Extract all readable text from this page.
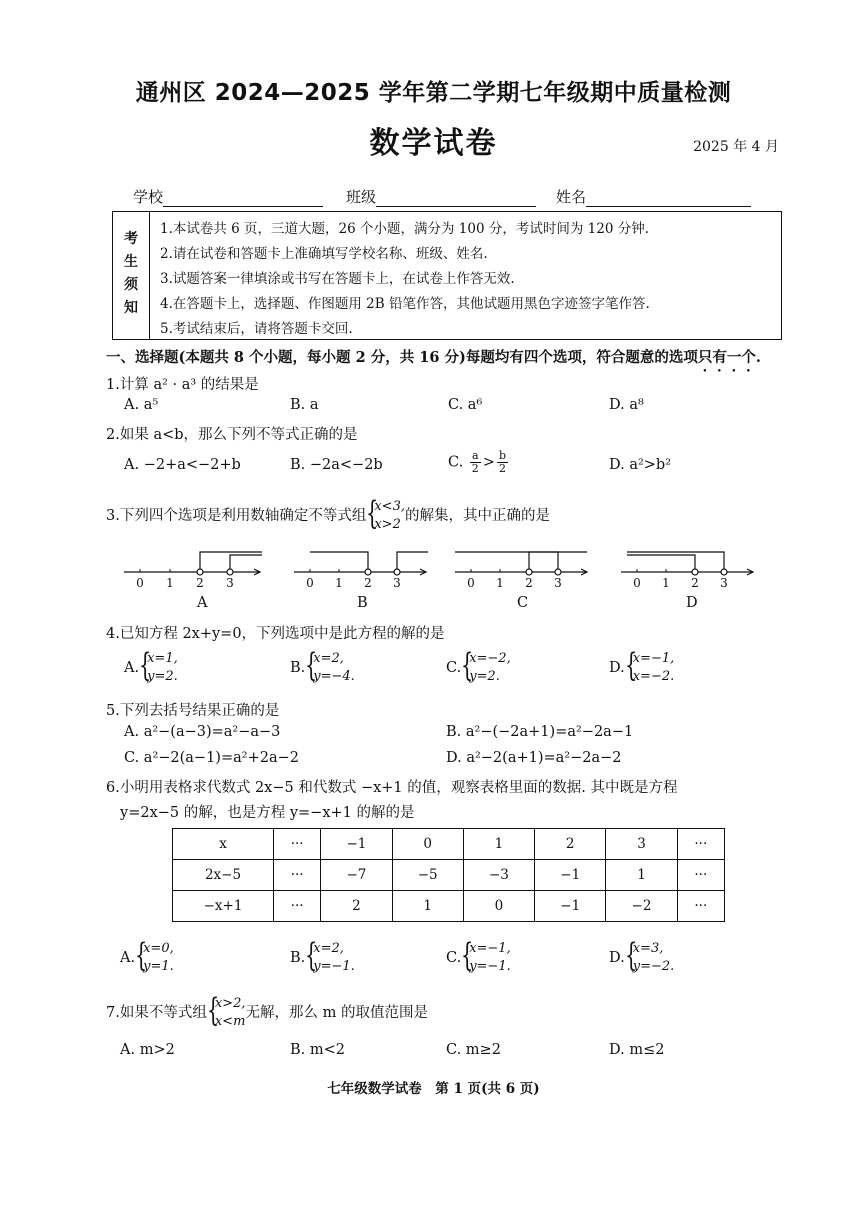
通州区 2024—2025 学年第二学期七年级期中质量检测
数学试卷	2025 年 4 月
学校	班级	姓名
考
生
须
知
1.本试卷共 6 页，三道大题，26 个小题，满分为 100 分，考试时间为 120 分钟.
2.请在试卷和答题卡上准确填写学校名称、班级、姓名.
3.试题答案一律填涂或书写在答题卡上，在试卷上作答无效.
4.在答题卡上，选择题、作图题用 2B 铅笔作答，其他试题用黑色字迹签字笔作答.
5.考试结束后，请将答题卡交回.
一、选择题(本题共 8 个小题，每小题 2 分，共 16 分)每题均有四个选项，符合题意的选项只有一个.
1.计算 a² · a³ 的结果是
A. a⁵	B. a	C. a⁶	D. a⁸
2.如果 a<b，那么下列不等式正确的是
A. −2+a<−2+b	B. −2a<−2b	C. $\frac{a}{2} > \frac{b}{2}$	D. a²>b²
3.下列四个选项是利用数轴确定不等式组 {
x<3,
x>2
的解集，其中正确的是
0 1 2 3	0 1 2 3	0 1 2 3	0 1 2 3
A	B	C	D
4.已知方程 2x+y=0，下列选项中是此方程的解的是
A. {
x=1,
y=2.
B. {
x=2,
y=−4.
C. {
x=−2,
y=2.
D. {
x=−1,
x=−2.
5.下列去括号结果正确的是
A. a²−(a−3)=a²−a−3	B. a²−(−2a+1)=a²−2a−1
C. a²−2(a−1)=a²+2a−2	D. a²−2(a+1)=a²−2a−2
6.小明用表格求代数式 2x−5 和代数式 −x+1 的值，观察表格里面的数据. 其中既是方程
y=2x−5 的解，也是方程 y=−x+1 的解的是
x	···	−1	0	1	2	3	···
2x−5	···	−7	−5	−3	−1	1	···
−x+1	···	2	1	0	−1	−2	···
A. {
x=0,
y=1.
B. {
x=2,
y=−1.
C. {
x=−1,
y=−1.
D. {
x=3,
y=−2.
7.如果不等式组 {
x>2,
x<m
无解，那么 m 的取值范围是
A. m>2	B. m<2	C. m≥2	D. m≤2
七年级数学试卷　第 1 页(共 6 页)
